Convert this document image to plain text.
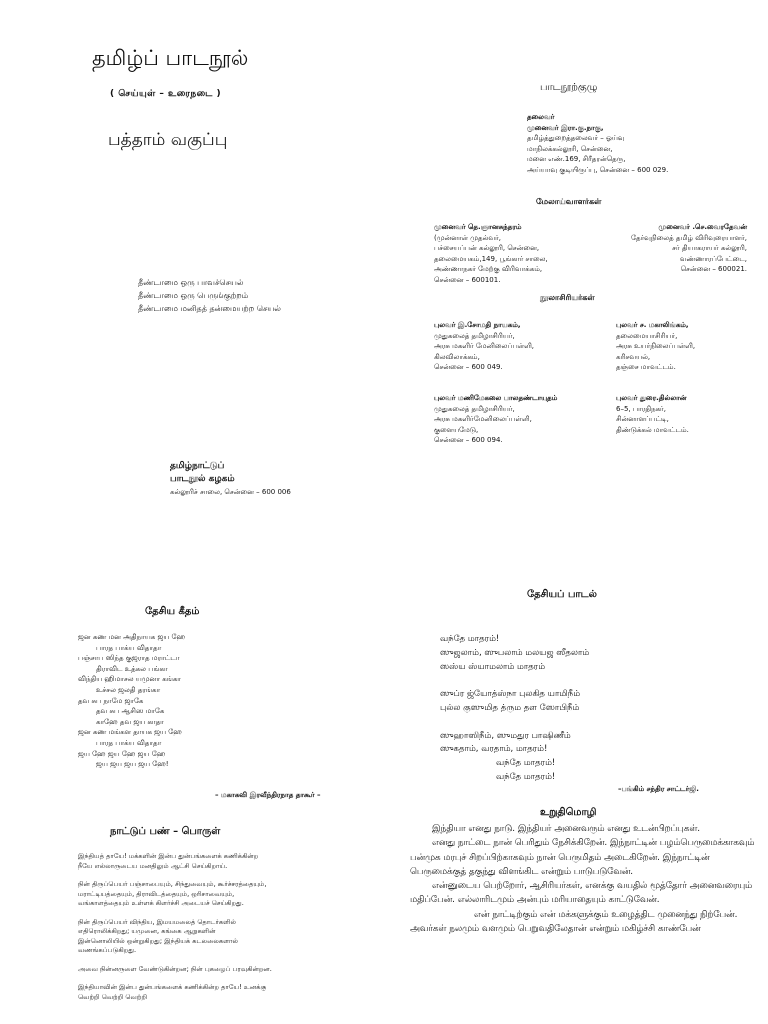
தமிழ்ப் பாடநூல்
( செய்யுள் – உரைநடை )
பத்தாம் வகுப்பு
தீண்டாமை ஒரு பாவச்செயல்
தீண்டாமை ஒரு பெருங்குற்றம்
தீண்டாமை மனிதத் தன்மையற்ற செயல்
தமிழ்நாட்டுப்
பாடநூல் கழகம்
கல்லூரிச் சாலை, சென்னை – 600 006
பாடநூற்குழு
தலைவர்
முனைவர் இரா.கு.நாகு,
தமிழ்த்துறைத்தலைவர் – ஓய்வு
மாநிலக்கல்லூரி, சென்னை,
மனை எண்.169, சிரீதரன்தெரு,
அய்யாவு குடியிருப்பு, சென்னை – 600 029.
மேலாய்வாளர்கள்
முனைவர் தெ.ஞானசுந்தரம்
(முன்னாள் முதல்வர்,
பச்சையப்பன் கல்லூரி, சென்னை,
தலைமையகம்,149, பூங்கார் சாலை,
அண்ணாநகர் மேற்கு விரிவாக்கம்,
சென்னை – 600101.
முனைவர் .செ.வைரதேவன்
தேர்வுநிலைத் தமிழ் விரிவுரையாளர்,
சர் தியாகராயர் கல்லூரி,
வண்ணாரப்பேட்டை,
சென்னை – 600021.
நூலாசிரியர்கள்
புலவர் இ.சோமதி நாயகம்,
முதுகலைத் தமிழாசிரியர்,
அரசு மகளிர் மேனிலைப்பள்ளி,
கிலவிலாக்கம்,
சென்னை – 600 049.
புலவர் ச. மகாலிங்கம்,
தலைமையாசிரியர்,
அரசு உயர்நிலைப்பள்ளி,
கரிசவயல்,
தஞ்சை மாவட்டம்.
புலவர் மணிமேகலை பாலதண்டாயுதம்
முதுகலைத் தமிழாசிரியர்,
அரசு மகளிர்மேனிலைப்பள்ளி,
குளையமேடு,
சென்னை – 600 094.
புலவர் துரை.தில்லான்
6–5, பாரதிநகர்,
சின்னாளப்பட்டி,
திண்டுக்கல் மாவட்டம்.
தேசிய கீதம்
ஜன கண மன அதிநாயக ஜய ஹே
பாரத பாக்ய விதாதா
பஞ்சாப ஸிந்த குஜராத மராட்டா
திராவிட உத்கல பங்கா
விந்திய ஹிமாசல யமுனா கங்கா
உச்சல ஜலதி தரங்கா
தவ சுப நாமே ஜாகே
தவ சுப ஆசிஸ மாகே
காஹே தவ ஜய காதா
ஜன கண மங்கள தாயக ஜய ஹே
பாரத பாக்ய விதாதா
ஜய ஹே ஜய ஹே ஜய ஹே
ஜய ஜய ஜய ஜய ஹே!
– மகாகவி இரவீந்திரநாத தாகூர் –
நாட்டுப் பண் – பொருள்
இந்தியத் தாயே! மக்களின் இன்ப துன்பங்களைக் கணிக்கின்ற
நீயே எல்லாருடைய மனதிலும் ஆட்சி செய்கிறாய்.
நின் திருப்பெயர் பஞ்சாபையும், சிந்துவையும், கூர்ச்சரத்தையும்,
மராட்டியத்தையும், திராவிடத்தையும், ஒரிசாவையும்,
வங்காளத்தையும் உள்ளக் கிளர்ச்சி அடையச் செய்கிறது.
நின் திருப்பெயர் விந்திய, இமயமலைத் தொடர்களில்
எதிரொலிக்கிறது; யமுனை, கங்கை ஆறுகளின்
இன்னொலியில் ஒன்றுகிறது; இந்தியக் கடலலைகளால்
வணங்கப்படுகிறது.
அவை நின்னருளை வேண்டுகின்றன; நின் புகழைப் பரவுகின்றன.
இந்தியாவின் இன்ப துன்பங்களைக் கணிக்கின்ற தாயே! உனக்கு
வெற்றி வெற்றி வெற்றி
தேசியப் பாடல்
வந்தே மாதரம்!
ஸுஜலாம், ஸுபலாம் மலயஜ ஸீதலாம்
ஸஸ்ய ஸ்யாமலாம் மாதரம்
ஸுப்ர ஜ்யோத்ஸ்நா புலகித யாமிநீம்
புல்ல குஸுமித த்ரும தள ஸோபிநீம்
ஸுஹாஸிநீம், ஸுமதுர பாஷிணீம்
ஸுகதாம், வரதாம், மாதரம்!
வந்தே மாதரம்!
வந்தே மாதரம்!
–பங்கிம் சந்திர சாட்டர்ஜி.
உறுதிமொழி

இந்தியா எனது நாடு. இந்தியர் அனைவரும் எனது உடன்பிறப்புகள்.

எனது நாட்டை நான் பெரிதும் நேசிக்கிறேன். இந்நாட்டின் பழம்பெருமைக்காகவும் பன்முக மரபுச் சிறப்பிற்காகவும் நான் பெருமிதம் அடைகிறேன். இந்நாட்டின் பெருமைக்குத் தகுந்து விளங்கிட என்றும் பாடுபடுவேன்.

என்னுடைய பெற்றோர், ஆசிரியர்கள், எனக்கு வயதில் மூத்தோர் அனைவரையும் மதிப்பேன். எல்லாரிடமும் அன்பும் மரியாதையும் காட்டுவேன்.

என் நாட்டிற்கும் என் மக்களுக்கும் உழைத்திட முனைந்து நிற்பேன். அவர்கள் நலமும் வளமும் பெறுவதிலேதான் என்றும் மகிழ்ச்சி காண்பேன்
